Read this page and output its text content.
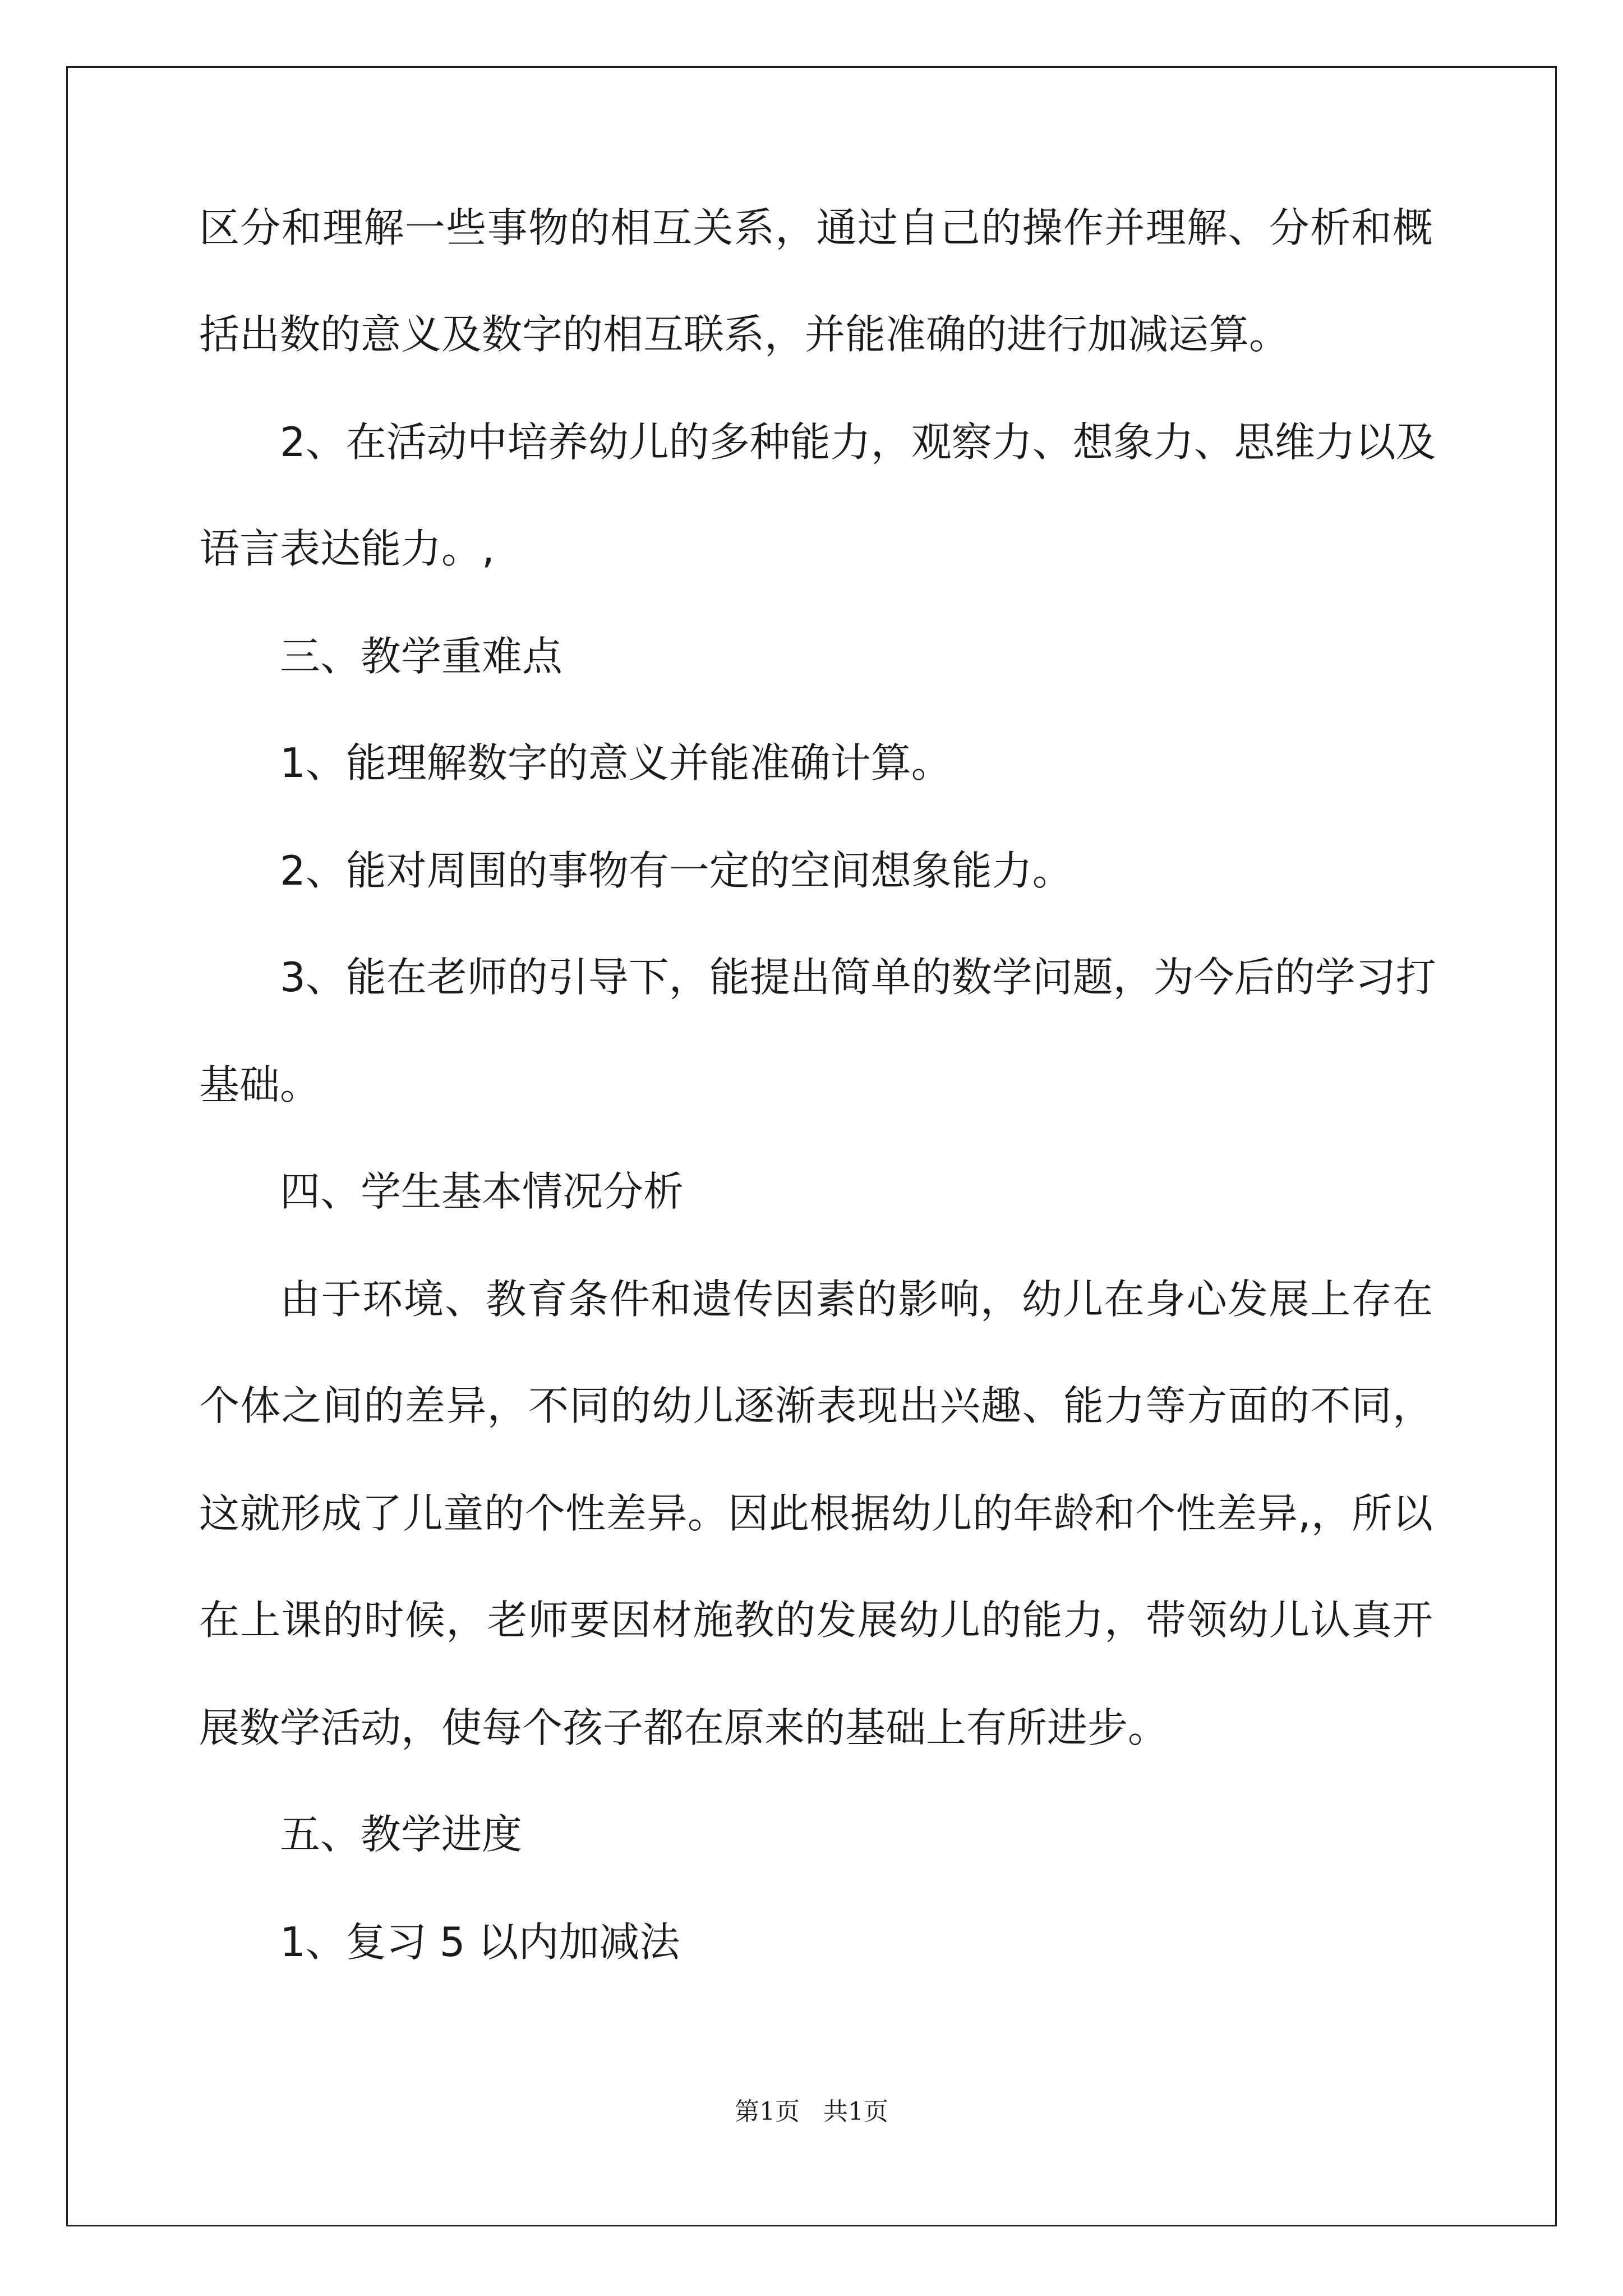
区分和理解一些事物的相互关系，通过自己的操作并理解、分析和概
括出数的意义及数字的相互联系，并能准确的进行加减运算。
2、在活动中培养幼儿的多种能力，观察力、想象力、思维力以及
语言表达能力。,
三、教学重难点
1、能理解数字的意义并能准确计算。
2、能对周围的事物有一定的空间想象能力。
3、能在老师的引导下，能提出简单的数学问题，为今后的学习打
基础。
四、学生基本情况分析
由于环境、教育条件和遗传因素的影响，幼儿在身心发展上存在
个体之间的差异，不同的幼儿逐渐表现出兴趣、能力等方面的不同，
这就形成了儿童的个性差异。因此根据幼儿的年龄和个性差异,，所以
在上课的时候，老师要因材施教的发展幼儿的能力，带领幼儿认真开
展数学活动，使每个孩子都在原来的基础上有所进步。
五、教学进度
1、复习 5 以内加减法
第1页   共1页
